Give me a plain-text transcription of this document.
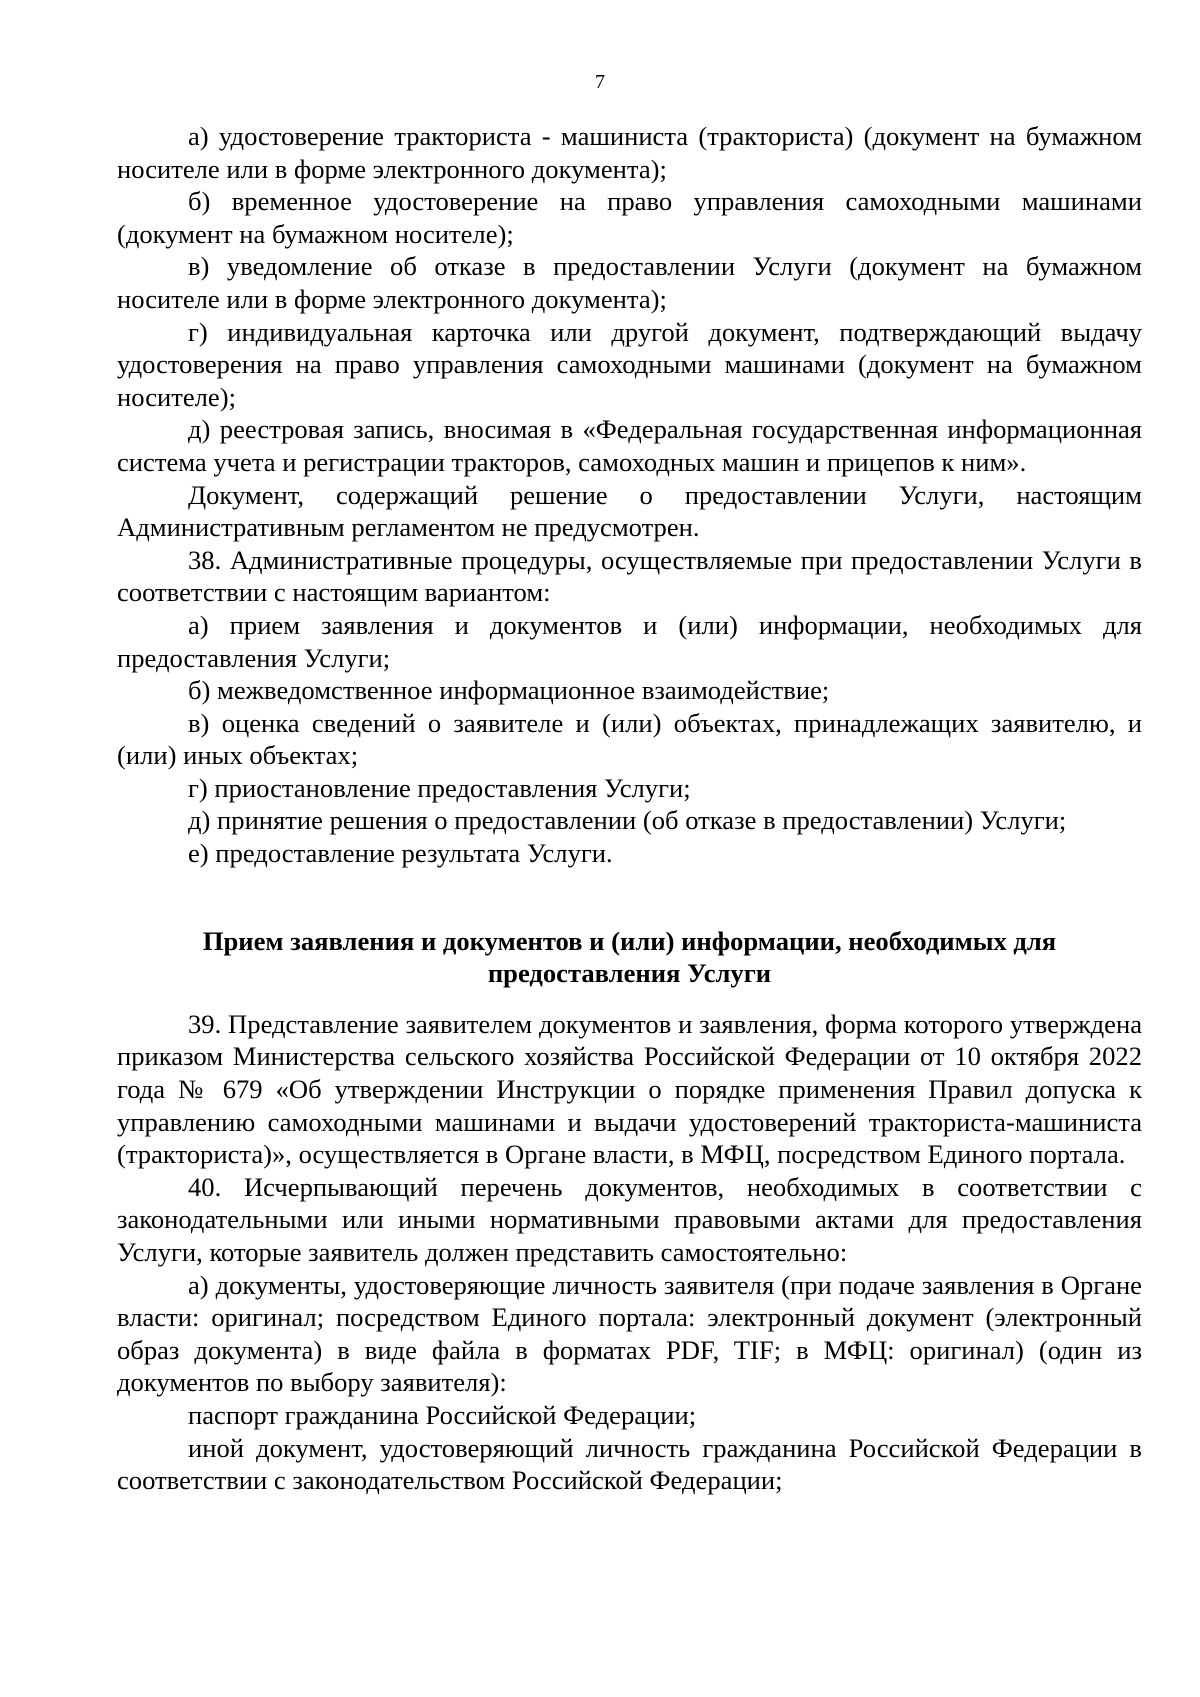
7

а) удостоверение тракториста - машиниста (тракториста) (документ на бумажном носителе или в форме электронного документа);

б) временное удостоверение на право управления самоходными машинами (документ на бумажном носителе);

в) уведомление об отказе в предоставлении Услуги (документ на бумажном носителе или в форме электронного документа);

г) индивидуальная карточка или другой документ, подтверждающий выдачу удостоверения на право управления самоходными машинами (документ на бумажном носителе);

д) реестровая запись, вносимая в «Федеральная государственная информационная система учета и регистрации тракторов, самоходных машин и прицепов к ним».

Документ, содержащий решение о предоставлении Услуги, настоящим Административным регламентом не предусмотрен.

38. Административные процедуры, осуществляемые при предоставлении Услуги в соответствии с настоящим вариантом:

а) прием заявления и документов и (или) информации, необходимых для предоставления Услуги;

б) межведомственное информационное взаимодействие;

в) оценка сведений о заявителе и (или) объектах, принадлежащих заявителю, и (или) иных объектах;

г) приостановление предоставления Услуги;

д) принятие решения о предоставлении (об отказе в предоставлении) Услуги;

е) предоставление результата Услуги.

Прием заявления и документов и (или) информации, необходимых для предоставления Услуги

39. Представление заявителем документов и заявления, форма которого утверждена приказом Министерства сельского хозяйства Российской Федерации от 10 октября 2022 года № 679 «Об утверждении Инструкции о порядке применения Правил допуска к управлению самоходными машинами и выдачи удостоверений тракториста-машиниста (тракториста)», осуществляется в Органе власти, в МФЦ, посредством Единого портала.

40. Исчерпывающий перечень документов, необходимых в соответствии с законодательными или иными нормативными правовыми актами для предоставления Услуги, которые заявитель должен представить самостоятельно:

а) документы, удостоверяющие личность заявителя (при подаче заявления в Органе власти: оригинал; посредством Единого портала: электронный документ (электронный образ документа) в виде файла в форматах PDF, TIF; в МФЦ: оригинал) (один из документов по выбору заявителя):

паспорт гражданина Российской Федерации;

иной документ, удостоверяющий личность гражданина Российской Федерации в соответствии с законодательством Российской Федерации;
